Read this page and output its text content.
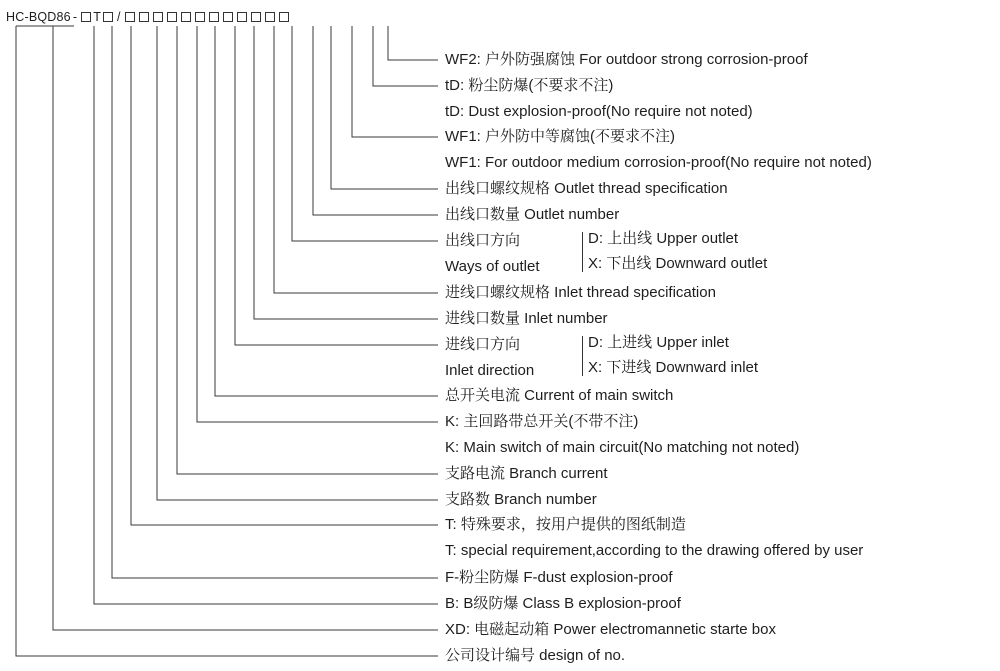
HC-BQD86 - T /
WF2: 户外防强腐蚀 For outdoor strong corrosion-proof
tD: 粉尘防爆(不要求不注)
tD: Dust explosion-proof(No require not noted)
WF1: 户外防中等腐蚀(不要求不注)
WF1: For outdoor medium corrosion-proof(No require not noted)
出线口螺纹规格 Outlet thread specification
出线口数量 Outlet number
出线口方向
Ways of outlet
D: 上出线 Upper outlet
X: 下出线 Downward outlet
进线口螺纹规格 Inlet thread specification
进线口数量 Inlet number
进线口方向
Inlet direction
D: 上进线 Upper inlet
X: 下进线 Downward inlet
总开关电流 Current of main switch
K: 主回路带总开关(不带不注)
K: Main switch of main circuit(No matching not noted)
支路电流 Branch current
支路数 Branch number
T: 特殊要求，按用户提供的图纸制造
T: special requirement,according to the drawing offered by user
F-粉尘防爆 F-dust explosion-proof
B: B级防爆 Class B explosion-proof
XD: 电磁起动箱 Power electromannetic starte box
公司设计编号 design of no.
